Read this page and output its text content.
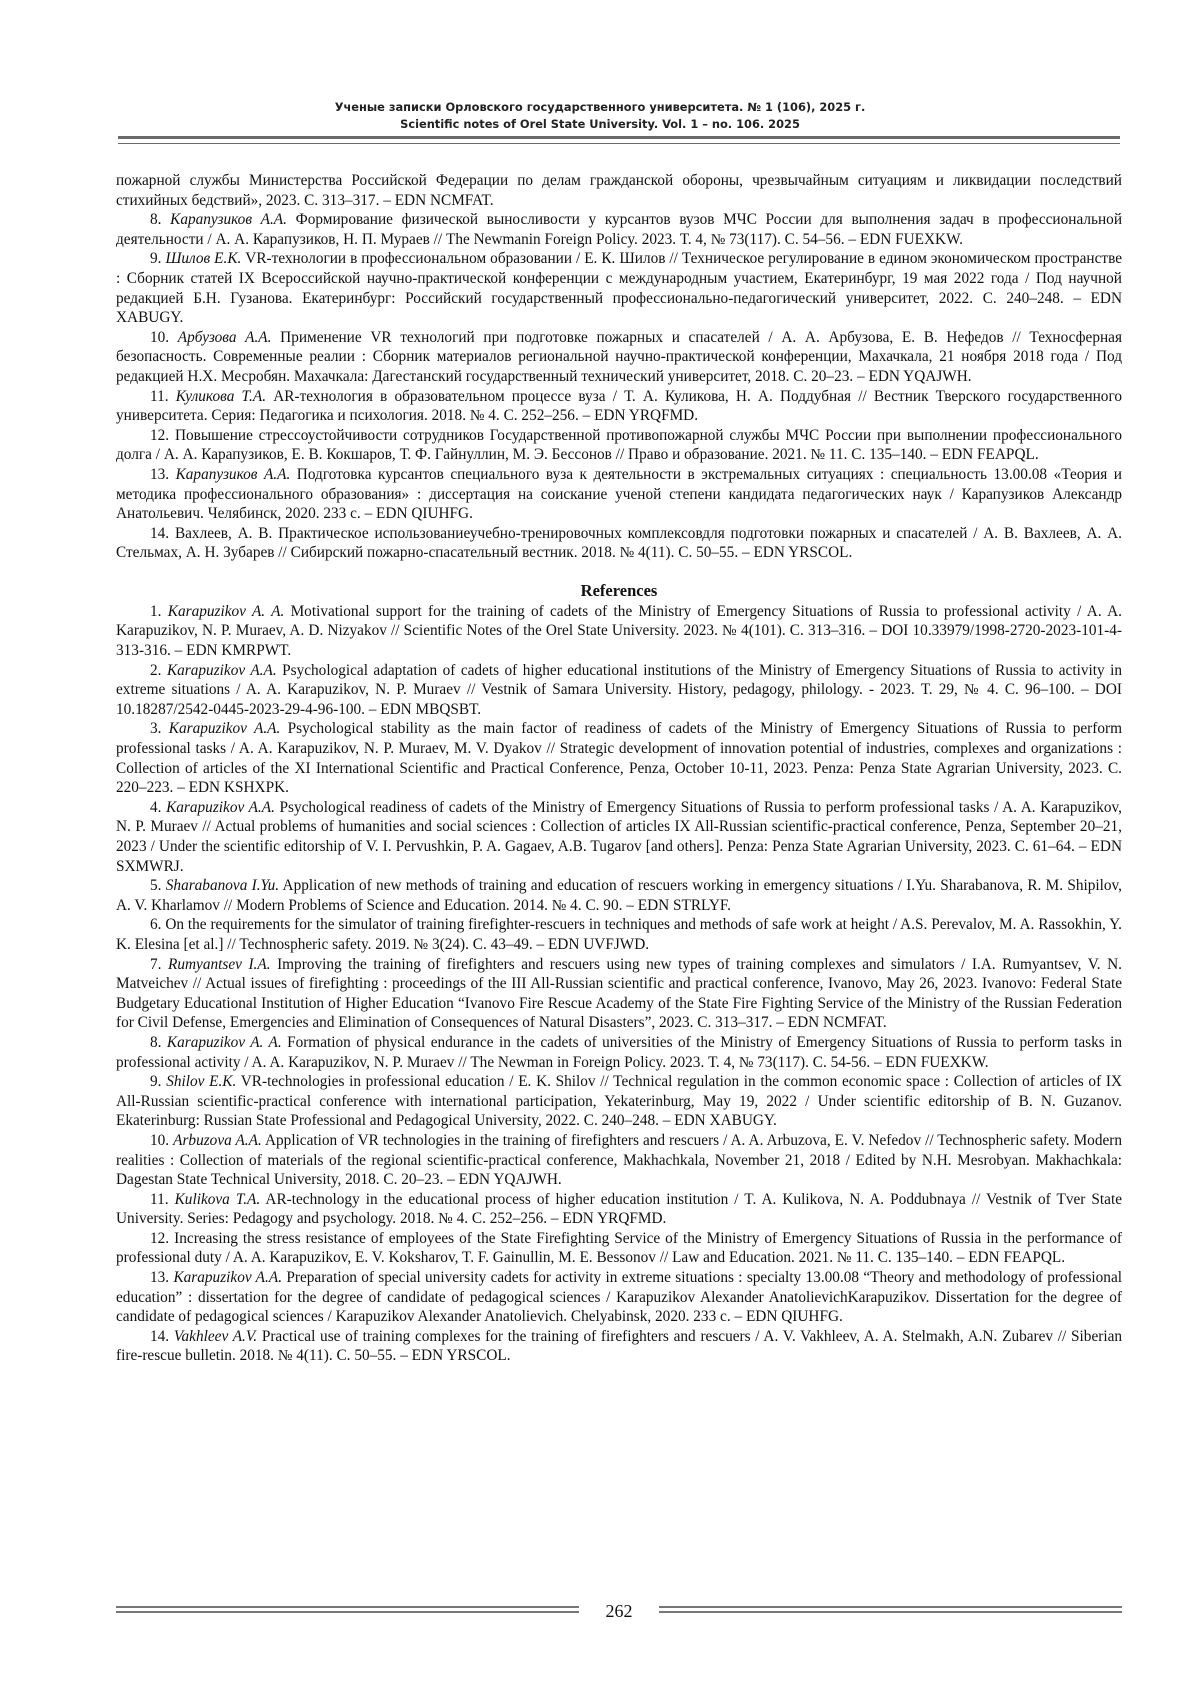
Ученые записки Орловского государственного университета. № 1 (106), 2025 г.
Scientific notes of Orel State University. Vol. 1 – no. 106. 2025

пожарной службы Министерства Российской Федерации по делам гражданской обороны, чрезвычайным ситуациям и ликвидации последствий стихийных бедствий», 2023. С. 313–317. – EDN NCMFAT.

8. Карапузиков А.А. Формирование физической выносливости у курсантов вузов МЧС России для выполнения задач в профессиональной деятельности / А. А. Карапузиков, Н. П. Мураев // The Newmanin Foreign Policy. 2023. Т. 4, № 73(117). С. 54–56. – EDN FUEXKW.

9. Шилов Е.К. VR-технологии в профессиональном образовании / Е. К. Шилов // Техническое регулирование в едином экономическом пространстве : Сборник статей IX Всероссийской научно-практической конференции с международным участием, Екатеринбург, 19 мая 2022 года / Под научной редакцией Б.Н. Гузанова. Екатеринбург: Российский государственный профессионально-педагогический университет, 2022. С. 240–248. – EDN XABUGY.

10. Арбузова А.А. Применение VR технологий при подготовке пожарных и спасателей / А. А. Арбузова, Е. В. Нефедов // Техносферная безопасность. Современные реалии : Сборник материалов региональной научно-практической конференции, Махачкала, 21 ноября 2018 года / Под редакцией Н.Х. Месробян. Махачкала: Дагестанский государственный технический университет, 2018. С. 20–23. – EDN YQAJWH.

11. Куликова Т.А. AR-технология в образовательном процессе вуза / Т. А. Куликова, Н. А. Поддубная // Вестник Тверского государственного университета. Серия: Педагогика и психология. 2018. № 4. С. 252–256. – EDN YRQFMD.

12. Повышение стрессоустойчивости сотрудников Государственной противопожарной службы МЧС России при выполнении профессионального долга / А. А. Карапузиков, Е. В. Кокшаров, Т. Ф. Гайнуллин, М. Э. Бессонов // Право и образование. 2021. № 11. С. 135–140. – EDN FEAPQL.

13. Карапузиков А.А. Подготовка курсантов специального вуза к деятельности в экстремальных ситуациях : специальность 13.00.08 «Теория и методика профессионального образования» : диссертация на соискание ученой степени кандидата педагогических наук / Карапузиков Александр Анатольевич. Челябинск, 2020. 233 с. – EDN QIUHFG.

14. Вахлеев, А. В. Практическое использованиеучебно-тренировочных комплексовдля подготовки пожарных и спасателей / А. В. Вахлеев, А. А. Стельмах, А. Н. Зубарев // Сибирский пожарно-спасательный вестник. 2018. № 4(11). С. 50–55. – EDN YRSCOL.

References

1. Karapuzikov A. A. Motivational support for the training of cadets of the Ministry of Emergency Situations of Russia to professional activity / A. A. Karapuzikov, N. P. Muraev, A. D. Nizyakov // Scientific Notes of the Orel State University. 2023. № 4(101). С. 313–316. – DOI 10.33979/1998-2720-2023-101-4-313-316. – EDN KMRPWT.

2. Karapuzikov A.A. Psychological adaptation of cadets of higher educational institutions of the Ministry of Emergency Situations of Russia to activity in extreme situations / A. A. Karapuzikov, N. P. Muraev // Vestnik of Samara University. History, pedagogy, philology. - 2023. Т. 29, № 4. С. 96–100. – DOI 10.18287/2542-0445-2023-29-4-96-100. – EDN MBQSBT.

3. Karapuzikov A.A. Psychological stability as the main factor of readiness of cadets of the Ministry of Emergency Situations of Russia to perform professional tasks / A. A. Karapuzikov, N. P. Muraev, M. V. Dyakov // Strategic development of innovation potential of industries, complexes and organizations : Collection of articles of the XI International Scientific and Practical Conference, Penza, October 10-11, 2023. Penza: Penza State Agrarian University, 2023. С. 220–223. – EDN KSHXPK.

4. Karapuzikov A.A. Psychological readiness of cadets of the Ministry of Emergency Situations of Russia to perform professional tasks / A. A. Karapuzikov, N. P. Muraev // Actual problems of humanities and social sciences : Collection of articles IX All-Russian scientific-practical conference, Penza, September 20–21, 2023 / Under the scientific editorship of V. I. Pervushkin, P. A. Gagaev, A.B. Tugarov [and others]. Penza: Penza State Agrarian University, 2023. С. 61–64. – EDN SXMWRJ.

5. Sharabanova I.Yu. Application of new methods of training and education of rescuers working in emergency situations / I.Yu. Sharabanova, R. M. Shipilov, A. V. Kharlamov // Modern Problems of Science and Education. 2014. № 4. С. 90. – EDN STRLYF.

6. On the requirements for the simulator of training firefighter-rescuers in techniques and methods of safe work at height / A.S. Perevalov, M. A. Rassokhin, Y. K. Elesina [et al.] // Technospheric safety. 2019. № 3(24). С. 43–49. – EDN UVFJWD.

7. Rumyantsev I.A. Improving the training of firefighters and rescuers using new types of training complexes and simulators / I.A. Rumyantsev, V. N. Matveichev // Actual issues of firefighting : proceedings of the III All-Russian scientific and practical conference, Ivanovo, May 26, 2023. Ivanovo: Federal State Budgetary Educational Institution of Higher Education “Ivanovo Fire Rescue Academy of the State Fire Fighting Service of the Ministry of the Russian Federation for Civil Defense, Emergencies and Elimination of Consequences of Natural Disasters”, 2023. С. 313–317. – EDN NCMFAT.

8. Karapuzikov A. A. Formation of physical endurance in the cadets of universities of the Ministry of Emergency Situations of Russia to perform tasks in professional activity / A. A. Karapuzikov, N. P. Muraev // The Newman in Foreign Policy. 2023. Т. 4, № 73(117). С. 54-56. – EDN FUEXKW.

9. Shilov E.K. VR-technologies in professional education / E. K. Shilov // Technical regulation in the common economic space : Collection of articles of IX All-Russian scientific-practical conference with international participation, Yekaterinburg, May 19, 2022 / Under scientific editorship of B. N. Guzanov. Ekaterinburg: Russian State Professional and Pedagogical University, 2022. С. 240–248. – EDN XABUGY.

10. Arbuzova A.A. Application of VR technologies in the training of firefighters and rescuers / A. A. Arbuzova, E. V. Nefedov // Technospheric safety. Modern realities : Collection of materials of the regional scientific-practical conference, Makhachkala, November 21, 2018 / Edited by N.H. Mesrobyan. Makhachkala: Dagestan State Technical University, 2018. С. 20–23. – EDN YQAJWH.

11. Kulikova T.A. AR-technology in the educational process of higher education institution / T. A. Kulikova, N. A. Poddubnaya // Vestnik of Tver State University. Series: Pedagogy and psychology. 2018. № 4. С. 252–256. – EDN YRQFMD.

12. Increasing the stress resistance of employees of the State Firefighting Service of the Ministry of Emergency Situations of Russia in the performance of professional duty / A. A. Karapuzikov, E. V. Koksharov, T. F. Gainullin, M. E. Bessonov // Law and Education. 2021. № 11. С. 135–140. – EDN FEAPQL.

13. Karapuzikov A.A. Preparation of special university cadets for activity in extreme situations : specialty 13.00.08 “Theory and methodology of professional education” : dissertation for the degree of candidate of pedagogical sciences / Karapuzikov Alexander AnatolievichKarapuzikov. Dissertation for the degree of candidate of pedagogical sciences / Karapuzikov Alexander Anatolievich. Chelyabinsk, 2020. 233 с. – EDN QIUHFG.

14. Vakhleev A.V. Practical use of training complexes for the training of firefighters and rescuers / A. V. Vakhleev, A. A. Stelmakh, A.N. Zubarev // Siberian fire-rescue bulletin. 2018. № 4(11). С. 50–55. – EDN YRSCOL.

262
